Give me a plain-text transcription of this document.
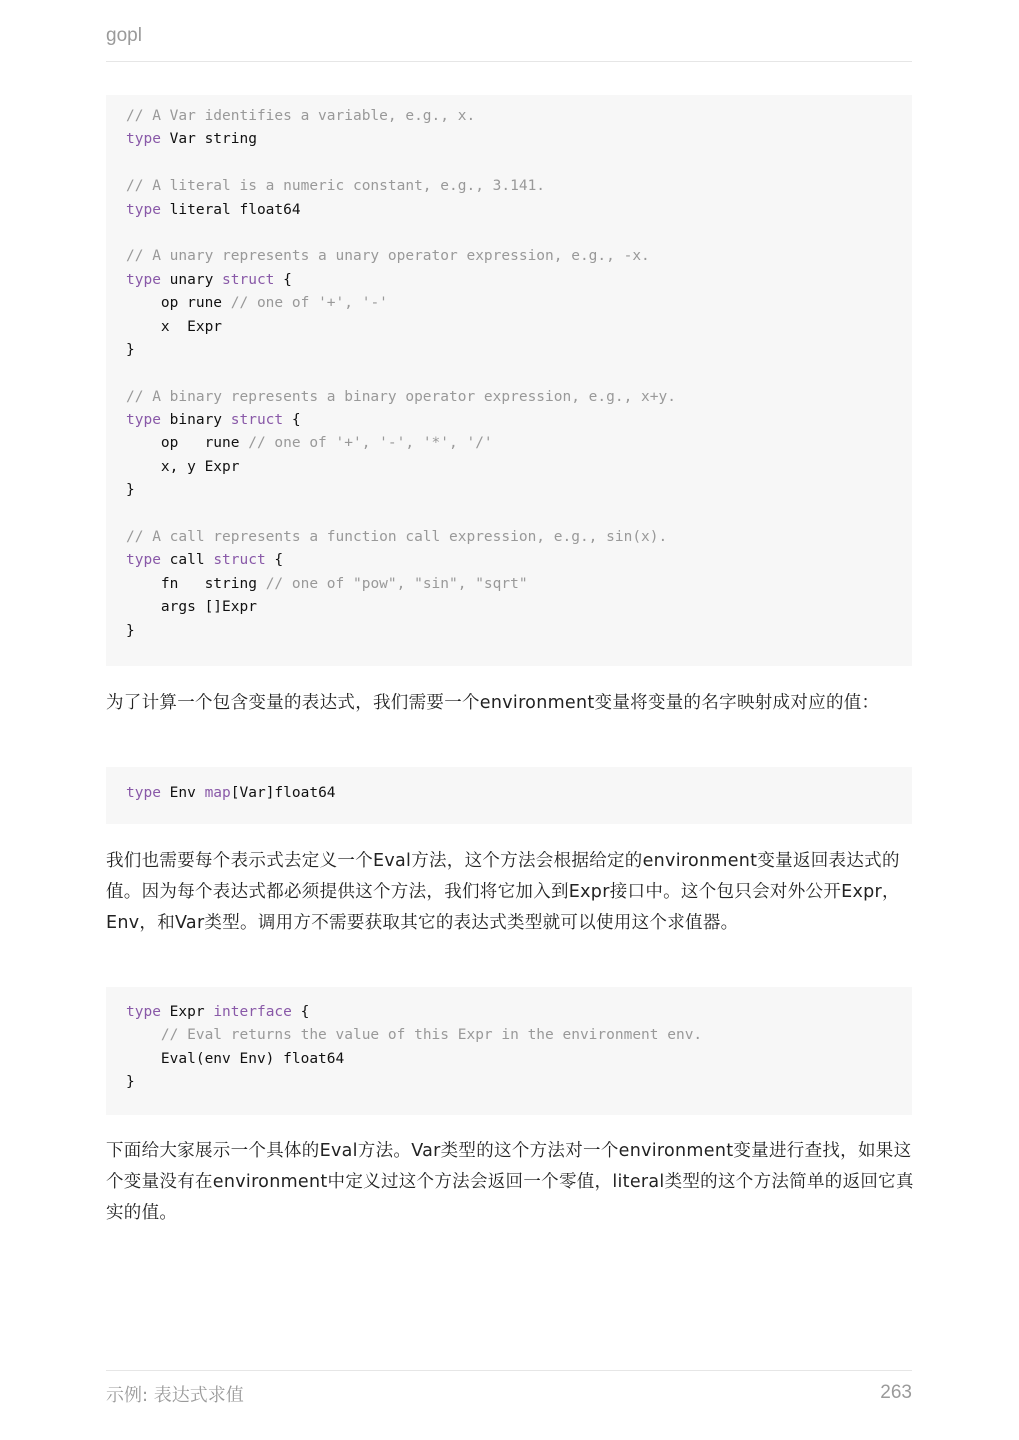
gopl
// A Var identifies a variable, e.g., x.
type Var string
// A literal is a numeric constant, e.g., 3.141.
type literal float64
// A unary represents a unary operator expression, e.g., -x.
type unary struct {
op rune // one of '+', '-'
x  Expr
}
// A binary represents a binary operator expression, e.g., x+y.
type binary struct {
op   rune // one of '+', '-', '*', '/'
x, y Expr
}
// A call represents a function call expression, e.g., sin(x).
type call struct {
fn   string // one of "pow", "sin", "sqrt"
args []Expr
}
为了计算一个包含变量的表达式，我们需要一个environment变量将变量的名字映射成对应的值：
type Env map[Var]float64
我们也需要每个表示式去定义一个Eval方法，这个方法会根据给定的environment变量返回表达式的值。因为每个表达式都必须提供这个方法，我们将它加入到Expr接口中。这个包只会对外公开Expr，Env，和Var类型。调用方不需要获取其它的表达式类型就可以使用这个求值器。
type Expr interface {
// Eval returns the value of this Expr in the environment env.
Eval(env Env) float64
}
下面给大家展示一个具体的Eval方法。Var类型的这个方法对一个environment变量进行查找，如果这个变量没有在environment中定义过这个方法会返回一个零值，literal类型的这个方法简单的返回它真实的值。
示例: 表达式求值	263
